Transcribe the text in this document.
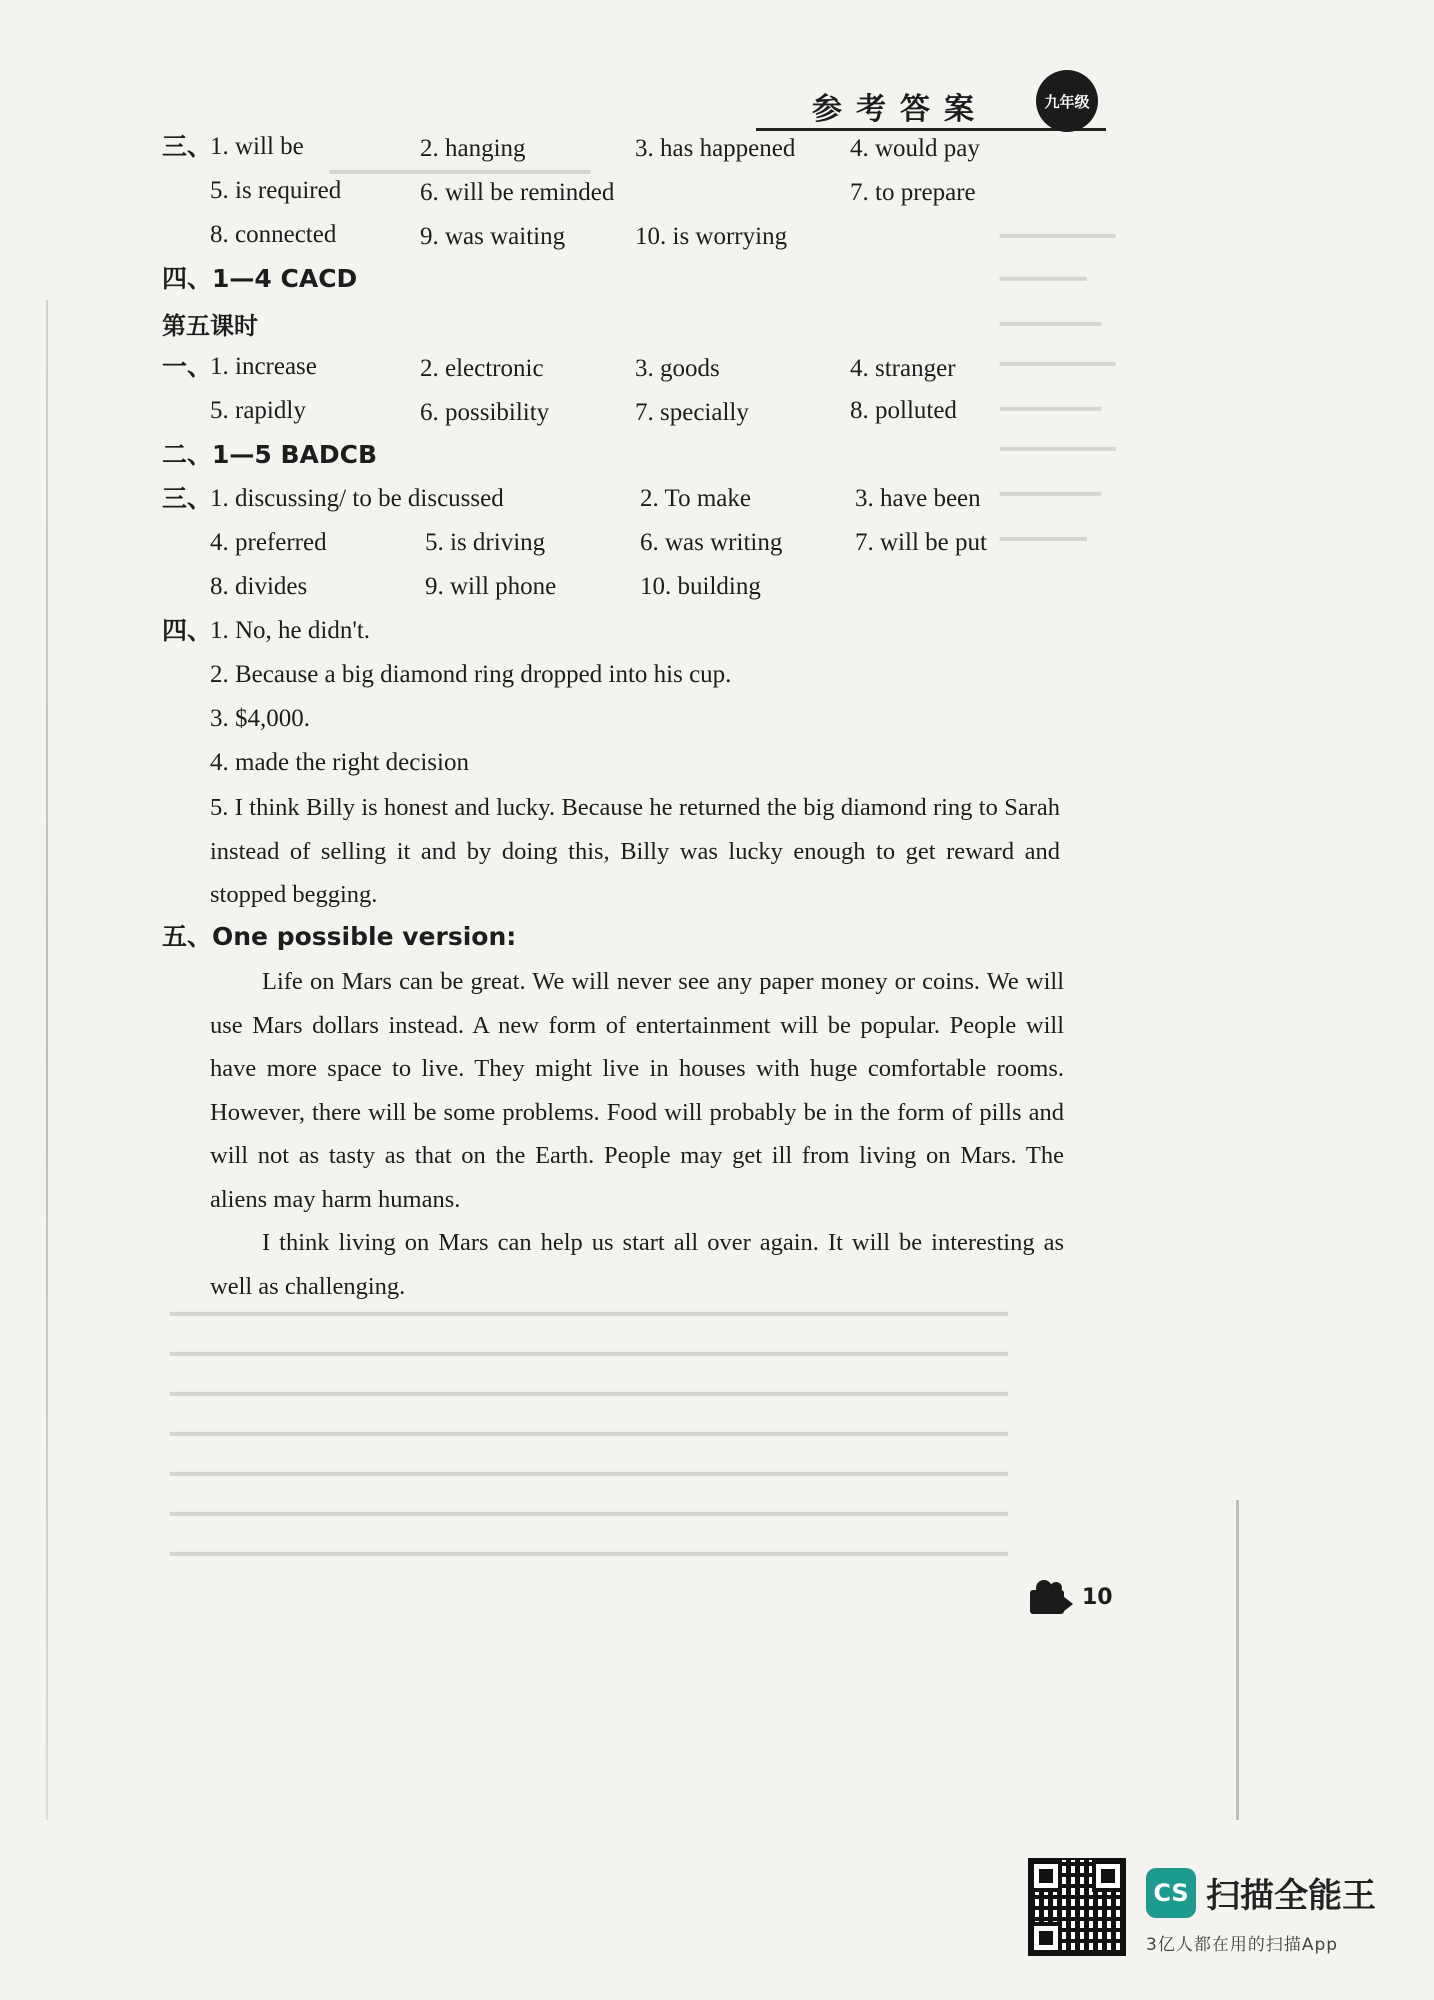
━━━━━━━━━━━━━━━━━━
━━━━━━━━
━━━━━━
━━━━━━━
━━━━━━━━
━━━━━━━
━━━━━━━━
━━━━━━━
━━━━━━
━━━━━━━━━━━━━━━━━━━━━━━━━━━━━━━━━━━━━━━━━━━━━━━━━━━━━━━━━━
━━━━━━━━━━━━━━━━━━━━━━━━━━━━━━━━━━━━━━━━━━━━━━━━━━━━━━━━━━
━━━━━━━━━━━━━━━━━━━━━━━━━━━━━━━━━━━━━━━━━━━━━━━━━━━━━━━━━━
━━━━━━━━━━━━━━━━━━━━━━━━━━━━━━━━━━━━━━━━━━━━━━━━━━━━━━━━━━
━━━━━━━━━━━━━━━━━━━━━━━━━━━━━━━━━━━━━━━━━━━━━━━━━━━━━━━━━━
━━━━━━━━━━━━━━━━━━━━━━━━━━━━━━━━━━━━━━━━━━━━━━━━━━━━━━━━━━
━━━━━━━━━━━━━━━━━━━━━━━━━━━━━━━━━━━━━━━━━━━━━━━━━━━━━━━━━━
参考答案	九年级
三、
1. will be	2. hanging	3. has happened 4. would pay
5. is required	6. will be reminded	7. to prepare
8. connected	9. was waiting	10. is worrying
四、1—4 CACD
第五课时
一、
1. increase	2. electronic	3. goods	4. stranger
5. rapidly	6. possibility	7. specially	8. polluted
二、1—5 BADCB
三、
1. discussing/ to be discussed	2. To make	3. have been
4. preferred	5. is driving	6. was writing	7. will be put
8. divides	9. will phone	10. building
四、
1. No, he didn't.
2. Because a big diamond ring dropped into his cup.
3. $4,000.
4. made the right decision
5. I think Billy is honest and lucky. Because he returned the big diamond ring to Sarah instead of selling it and by doing this, Billy was lucky enough to get reward and stopped begging.
五、One possible version:
Life on Mars can be great. We will never see any paper money or coins. We will use Mars dollars instead. A new form of entertainment will be popular. People will have more space to live. They might live in houses with huge comfortable rooms. However, there will be some problems. Food will probably be in the form of pills and will not as tasty as that on the Earth. People may get ill from living on Mars. The aliens may harm humans.
I think living on Mars can help us start all over again. It will be interesting as well as challenging.
10
CS 扫描全能王
3亿人都在用的扫描App
